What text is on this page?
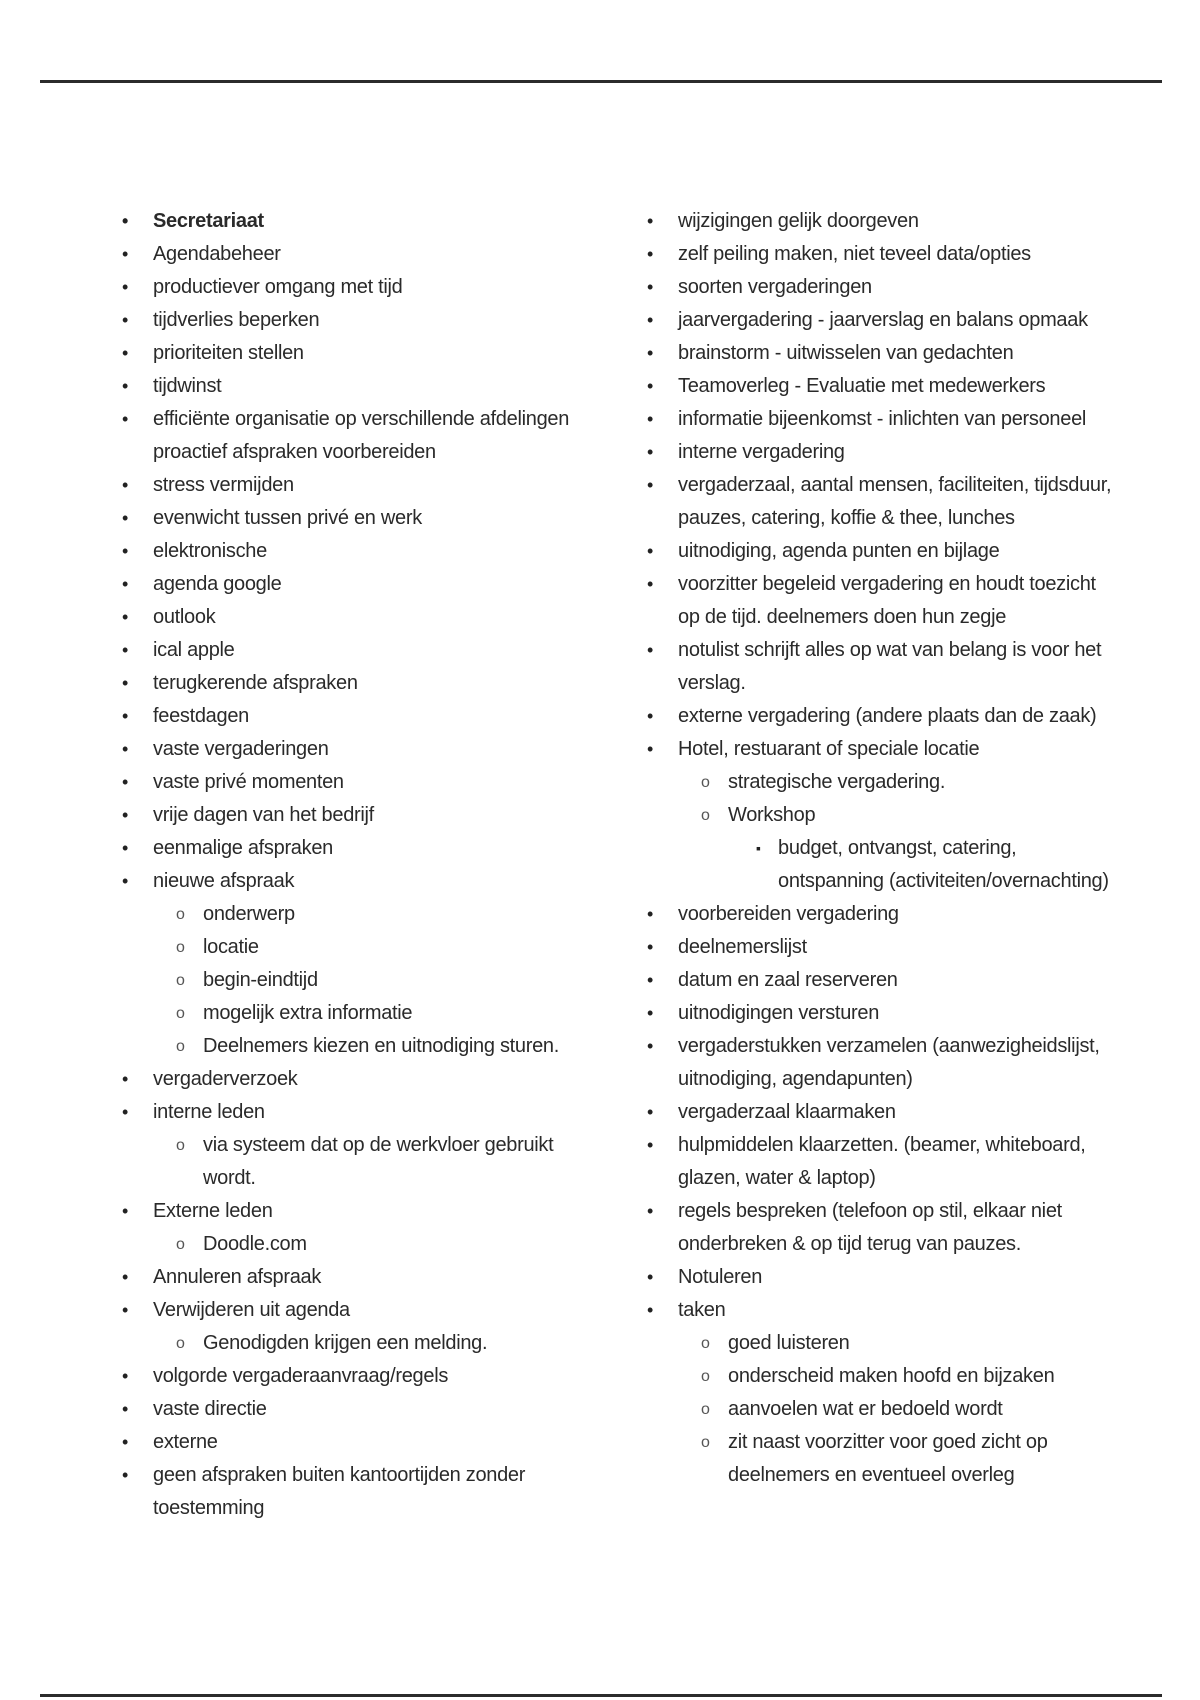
• Secretariaat
• Agendabeheer
• productiever omgang met tijd
• tijdverlies beperken
• prioriteiten stellen
• tijdwinst
• efficiënte organisatie op verschillende afdelingen proactief afspraken voorbereiden
• stress vermijden
• evenwicht tussen privé en werk
• elektronische
• agenda google
• outlook
• ical apple
• terugkerende afspraken
• feestdagen
• vaste vergaderingen
• vaste privé momenten
• vrije dagen van het bedrijf
• eenmalige afspraken
• nieuwe afspraak
o onderwerp
o locatie
o begin-eindtijd
o mogelijk extra informatie
o Deelnemers kiezen en uitnodiging sturen.
• vergaderverzoek
• interne leden
o via systeem dat op de werkvloer gebruikt wordt.
• Externe leden
o Doodle.com
• Annuleren afspraak
• Verwijderen uit agenda
o Genodigden krijgen een melding.
• volgorde vergaderaanvraag/regels
• vaste directie
• externe
• geen afspraken buiten kantoortijden zonder toestemming
• wijzigingen gelijk doorgeven
• zelf peiling maken, niet teveel data/opties
• soorten vergaderingen
• jaarvergadering - jaarverslag en balans opmaak
• brainstorm - uitwisselen van gedachten
• Teamoverleg - Evaluatie met medewerkers
• informatie bijeenkomst - inlichten van personeel
• interne vergadering
• vergaderzaal, aantal mensen, faciliteiten, tijdsduur, pauzes, catering, koffie & thee, lunches
• uitnodiging, agenda punten en bijlage
• voorzitter begeleid vergadering en houdt toezicht op de tijd. deelnemers doen hun zegje
• notulist schrijft alles op wat van belang is voor het verslag.
• externe vergadering (andere plaats dan de zaak)
• Hotel, restuarant of speciale locatie
o strategische vergadering.
o Workshop
▪ budget, ontvangst, catering, ontspanning (activiteiten/overnachting)
• voorbereiden vergadering
• deelnemerslijst
• datum en zaal reserveren
• uitnodigingen versturen
• vergaderstukken verzamelen (aanwezigheidslijst, uitnodiging, agendapunten)
• vergaderzaal klaarmaken
• hulpmiddelen klaarzetten. (beamer, whiteboard, glazen, water & laptop)
• regels bespreken (telefoon op stil, elkaar niet onderbreken & op tijd terug van pauzes.
• Notuleren
• taken
o goed luisteren
o onderscheid maken hoofd en bijzaken
o aanvoelen wat er bedoeld wordt
o zit naast voorzitter voor goed zicht op deelnemers en eventueel overleg
